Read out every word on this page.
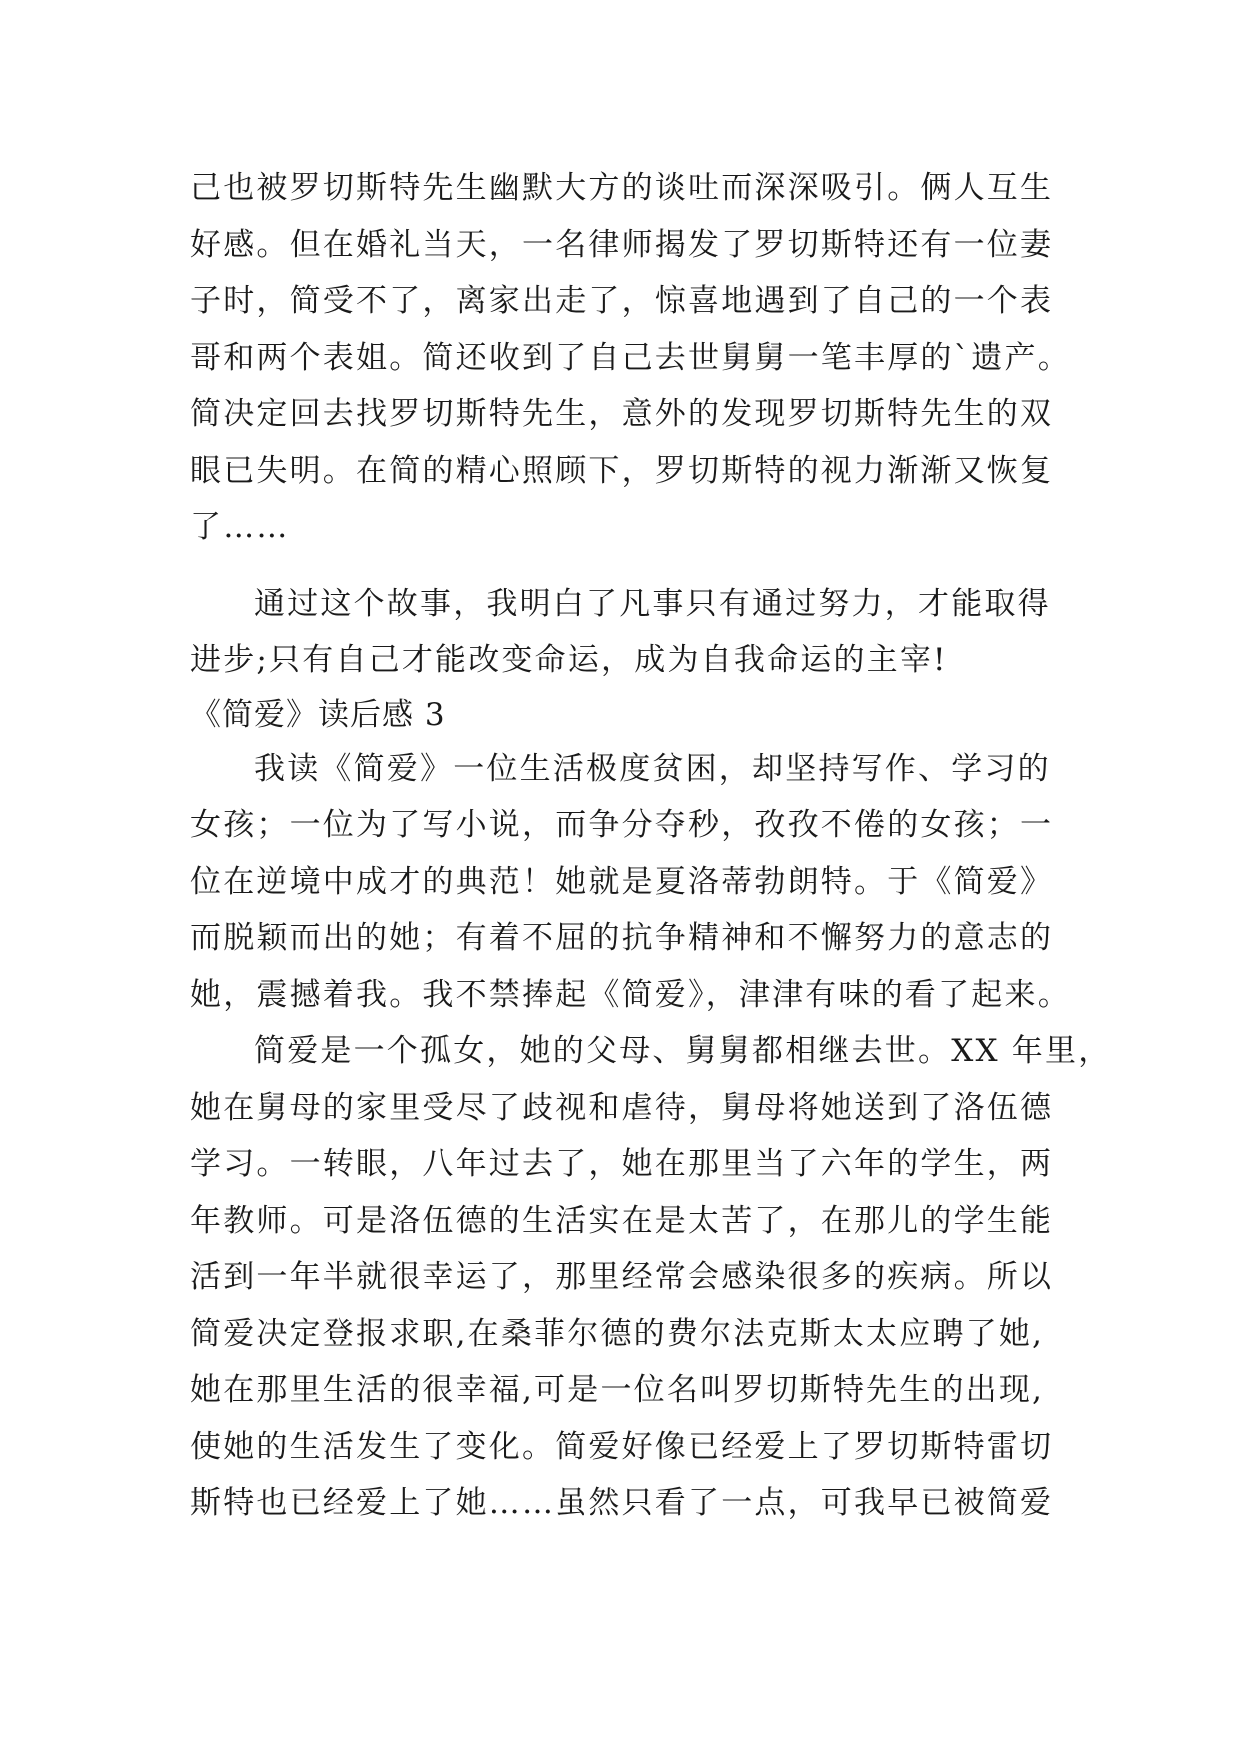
己也被罗切斯特先生幽默大方的谈吐而深深吸引。俩人互生
好感。但在婚礼当天，一名律师揭发了罗切斯特还有一位妻
子时，简受不了，离家出走了，惊喜地遇到了自己的一个表
哥和两个表姐。简还收到了自己去世舅舅一笔丰厚的`遗产。
简决定回去找罗切斯特先生，意外的发现罗切斯特先生的双
眼已失明。在简的精心照顾下，罗切斯特的视力渐渐又恢复
了……
通过这个故事，我明白了凡事只有通过努力，才能取得
进步;只有自己才能改变命运，成为自我命运的主宰!
《简爱》读后感 3
我读《简爱》一位生活极度贫困，却坚持写作、学习的
女孩；一位为了写小说，而争分夺秒，孜孜不倦的女孩；一
位在逆境中成才的典范！她就是夏洛蒂勃朗特。于《简爱》
而脱颖而出的她；有着不屈的抗争精神和不懈努力的意志的
她，震撼着我。我不禁捧起《简爱》，津津有味的看了起来。
简爱是一个孤女，她的父母、舅舅都相继去世。XX 年里，
她在舅母的家里受尽了歧视和虐待，舅母将她送到了洛伍德
学习。一转眼，八年过去了，她在那里当了六年的学生，两
年教师。可是洛伍德的生活实在是太苦了，在那儿的学生能
活到一年半就很幸运了，那里经常会感染很多的疾病。所以
简爱决定登报求职,在桑菲尔德的费尔法克斯太太应聘了她,
她在那里生活的很幸福,可是一位名叫罗切斯特先生的出现,
使她的生活发生了变化。简爱好像已经爱上了罗切斯特雷切
斯特也已经爱上了她……虽然只看了一点，可我早已被简爱
